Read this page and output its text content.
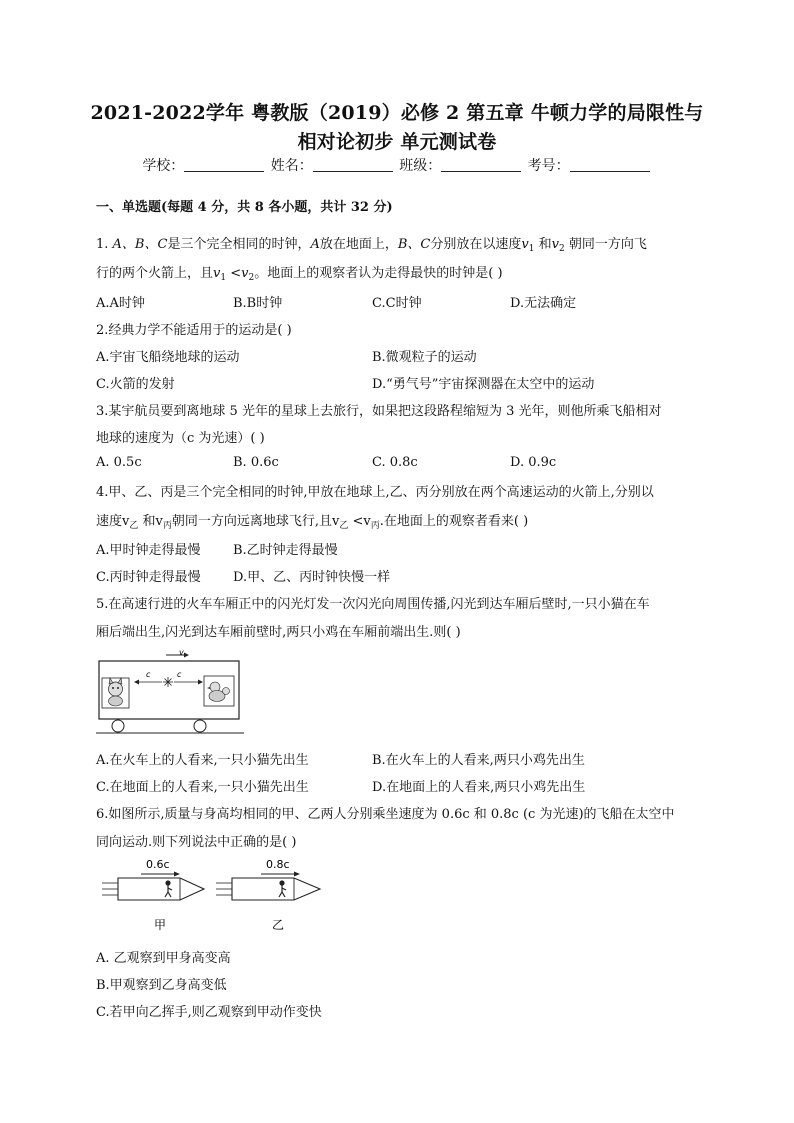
2021-2022学年 粤教版（2019）必修 2 第五章 牛顿力学的局限性与
相对论初步 单元测试卷
学校：	姓名：	班级：	考号：
一、单选题(每题 4 分，共 8 各小题，共计 32 分)
1. A、B、C是三个完全相同的时钟，A放在地面上，B、C分别放在以速度$v_1$ 和$v_2$ 朝同一方向飞
行的两个火箭上，且$v_1 <v_2$。地面上的观察者认为走得最快的时钟是( )
A.A时钟	B.B时钟	C.C时钟	D.无法确定
2.经典力学不能适用于的运动是( )
A.宇宙飞船绕地球的运动	B.微观粒子的运动
C.火箭的发射	D.“勇气号”宇宙探测器在太空中的运动
3.某宇航员要到离地球 5 光年的星球上去旅行，如果把这段路程缩短为 3 光年，则他所乘飞船相对
地球的速度为（c 为光速）( )
A. 0.5c	B. 0.6c	C. 0.8c	D. 0.9c
4.甲、乙、丙是三个完全相同的时钟,甲放在地球上,乙、丙分别放在两个高速运动的火箭上,分别以
速度$v_乙$ 和$v_丙$朝同一方向远离地球飞行,且$v_乙 <v_丙$.在地面上的观察者看来( )
A.甲时钟走得最慢 B.乙时钟走得最慢
C.丙时钟走得最慢 D.甲、乙、丙时钟快慢一样
5.在高速行进的火车车厢正中的闪光灯发一次闪光向周围传播,闪光到达车厢后壁时,一只小猫在车
厢后端出生,闪光到达车厢前壁时,两只小鸡在车厢前端出生.则( )
v
c	c
A.在火车上的人看来,一只小猫先出生	B.在火车上的人看来,两只小鸡先出生
C.在地面上的人看来,一只小猫先出生	D.在地面上的人看来,两只小鸡先出生
6.如图所示,质量与身高均相同的甲、乙两人分别乘坐速度为 0.6c 和 0.8c (c 为光速)的飞船在太空中
同向运动.则下列说法中正确的是( )
0.6c
甲
0.8c
乙
A. 乙观察到甲身高变高
B.甲观察到乙身高变低
C.若甲向乙挥手,则乙观察到甲动作变快
